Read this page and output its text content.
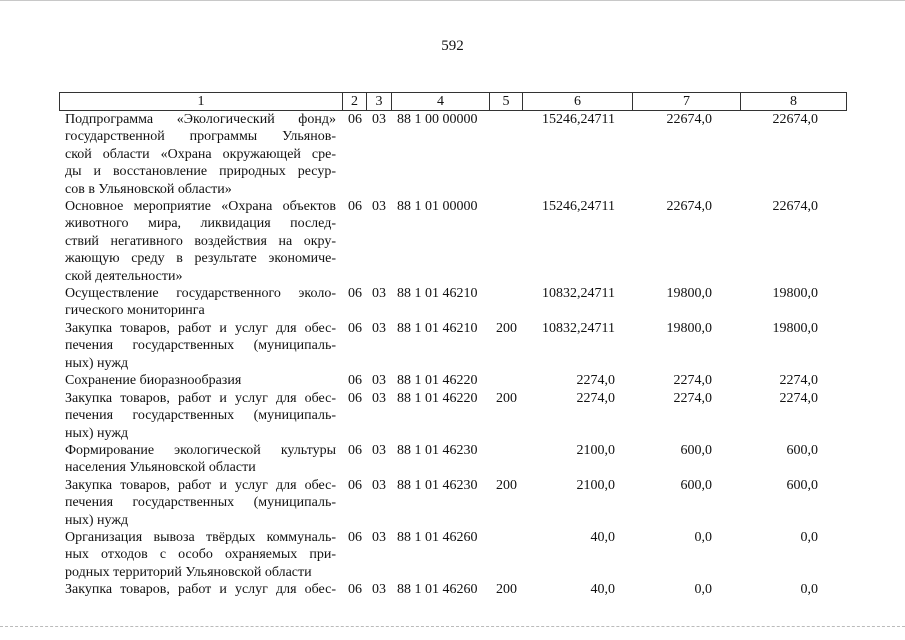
592
1	2	3	4	5	6	7	8
Подпрограмма «Экологический фонд»
государственной программы Ульянов-
ской области «Охрана окружающей сре-
ды и восстановление природных ресур-
сов в Ульяновской области»
06 03 88 1 00 00000	15246,24711	22674,0	22674,0
Основное мероприятие «Охрана объектов
животного мира, ликвидация послед-
ствий негативного воздействия на окру-
жающую среду в результате экономиче-
ской деятельности»
06 03 88 1 01 00000	15246,24711	22674,0	22674,0
Осуществление государственного эколо-
гического мониторинга
06 03 88 1 01 46210	10832,24711	19800,0	19800,0
Закупка товаров, работ и услуг для обес-
печения государственных (муниципаль-
ных) нужд
06 03 88 1 01 46210 200	10832,24711	19800,0	19800,0
Сохранение биоразнообразия	06 03 88 1 01 46220	2274,0	2274,0	2274,0
Закупка товаров, работ и услуг для обес-
печения государственных (муниципаль-
ных) нужд
06 03 88 1 01 46220 200	2274,0	2274,0	2274,0
Формирование экологической культуры
населения Ульяновской области
06 03 88 1 01 46230	2100,0	600,0	600,0
Закупка товаров, работ и услуг для обес-
печения государственных (муниципаль-
ных) нужд
06 03 88 1 01 46230 200	2100,0	600,0	600,0
Организация вывоза твёрдых коммуналь-
ных отходов с особо охраняемых при-
родных территорий Ульяновской области
06 03 88 1 01 46260	40,0	0,0	0,0
Закупка товаров, работ и услуг для обес- 06 03 88 1 01 46260 200	40,0	0,0	0,0
